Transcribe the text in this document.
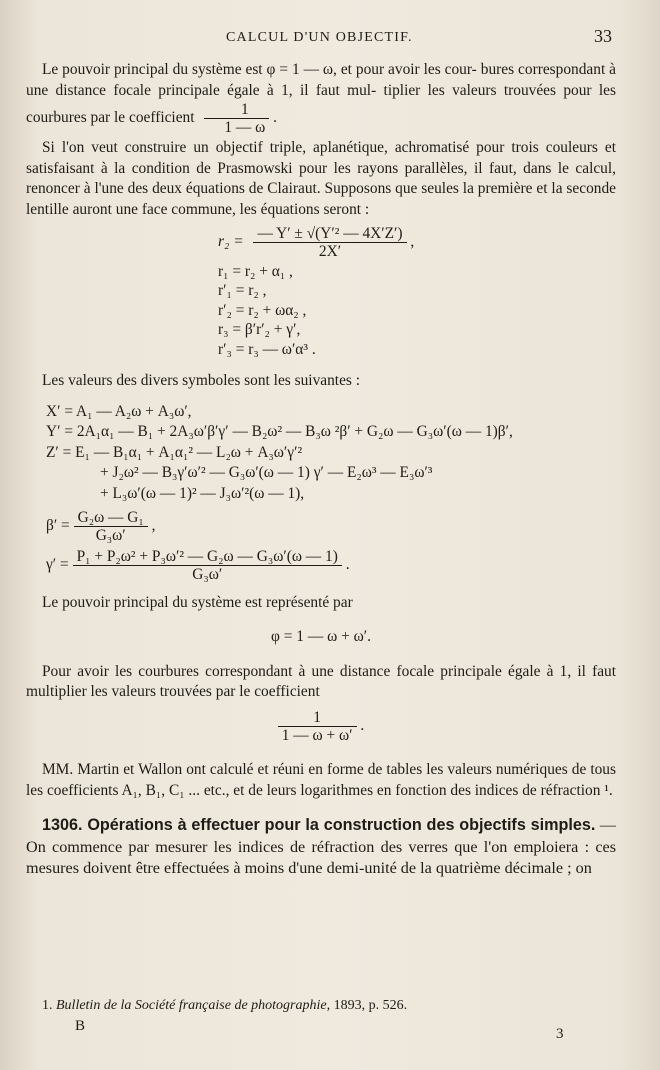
CALCUL D'UN OBJECTIF.	33

Le pouvoir principal du système est φ = 1 — ω, et pour avoir les cour- bures correspondant à une distance focale principale égale à 1, il faut mul- tiplier les valeurs trouvées pour les courbures par le coefficient $\frac{1}{1 — \omega}$ .

Si l'on veut construire un objectif triple, aplanétique, achromatisé pour trois couleurs et satisfaisant à la condition de Prasmowski pour les rayons parallèles, il faut, dans le calcul, renoncer à l'une des deux équations de Clairaut. Supposons que seules la première et la seconde lentille auront une face commune, les équations seront :

$r_2 = \frac{\text{— Y′ ± √(Y′² — 4X′Z′)}}{2X'}$ ,
r₁ = r₂ + α₁ ,
r′₁ = r₂ ,
r′₂ = r₂ + ωα₂ ,
r₃ = β′r′₂ + γ′,
r′₃ = r₃ — ω′α³ .

Les valeurs des divers symboles sont les suivantes :

X′ = A₁ — A₂ω + A₃ω′,
Y′ = 2A₁α₁ — B₁ + 2A₃ω′β′γ′ — B₂ω² — B₃ω ²β′ + G₂ω — G₃ω′(ω — 1)β′,
Z′ = E₁ — B₁α₁ + A₁α₁² — L₂ω + A₃ω′γ′²
+ J₂ω² — B₃γ′ω′² — G₃ω′(ω — 1) γ′ — E₂ω³ — E₃ω′³
+ L₃ω′(ω — 1)² — J₃ω′²(ω — 1),
$\beta' = \frac{\text{G₂ω — G₁}}{\text{G₃ω′}}$ ,
$\gamma' = \frac{\text{P₁ + P₂ω² + P₃ω′² — G₂ω — G₃ω′(ω — 1)}}{\text{G₃ω′}}$ .

Le pouvoir principal du système est représenté par

φ = 1 — ω + ω′.

Pour avoir les courbures correspondant à une distance focale principale égale à 1, il faut multiplier les valeurs trouvées par le coefficient

$\frac{1}{1 — \omega + \omega'}$ .

MM. Martin et Wallon ont calculé et réuni en forme de tables les valeurs numériques de tous les coefficients A₁, B₁, C₁ ... etc., et de leurs logarithmes en fonction des indices de réfraction ¹.

1306. Opérations à effectuer pour la construction des objectifs simples. — On commence par mesurer les indices de réfraction des verres que l'on emploiera : ces mesures doivent être effectuées à moins d'une demi-unité de la quatrième décimale ; on

1. Bulletin de la Société française de photographie, 1893, p. 526.
B	3
